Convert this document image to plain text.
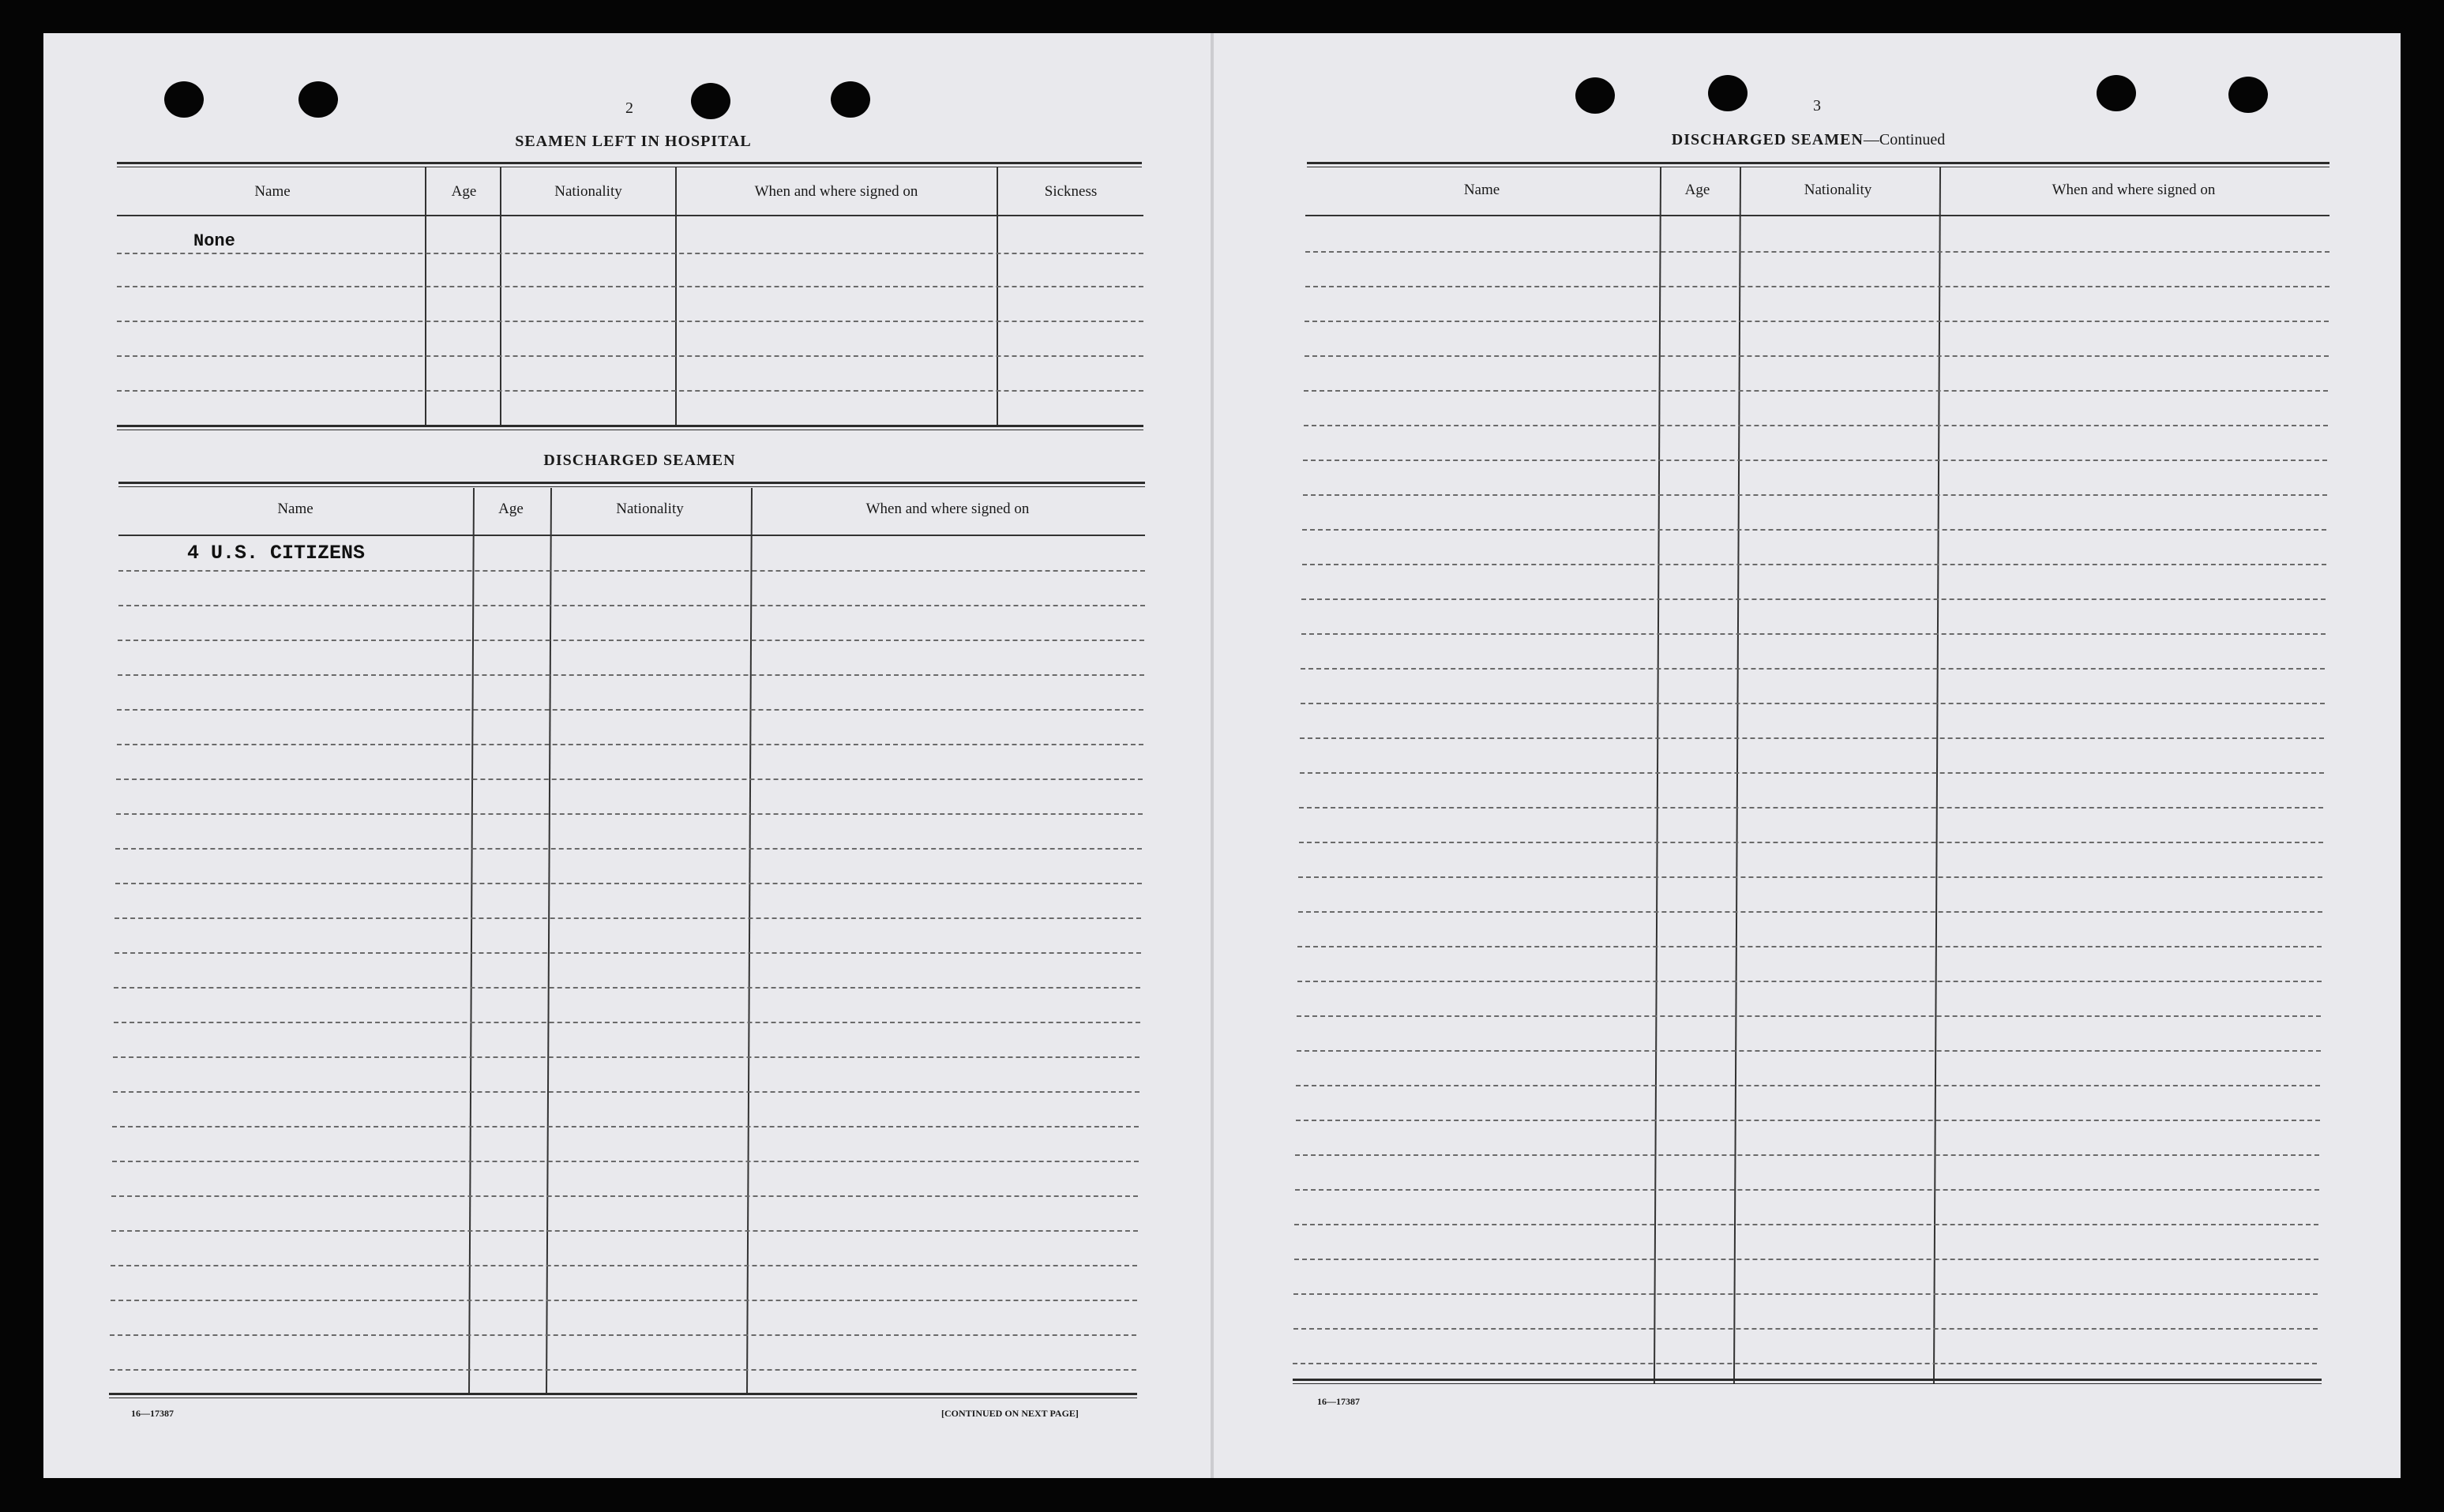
2
SEAMEN LEFT IN HOSPITAL
Name	Age	Nationality	When and where signed on	Sickness
None
DISCHARGED SEAMEN
Name	Age	Nationality	When and where signed on
4 U.S. CITIZENS
16—17387	[CONTINUED ON NEXT PAGE]
3
DISCHARGED SEAMEN—Continued
Name	Age	Nationality	When and where signed on
16—17387
